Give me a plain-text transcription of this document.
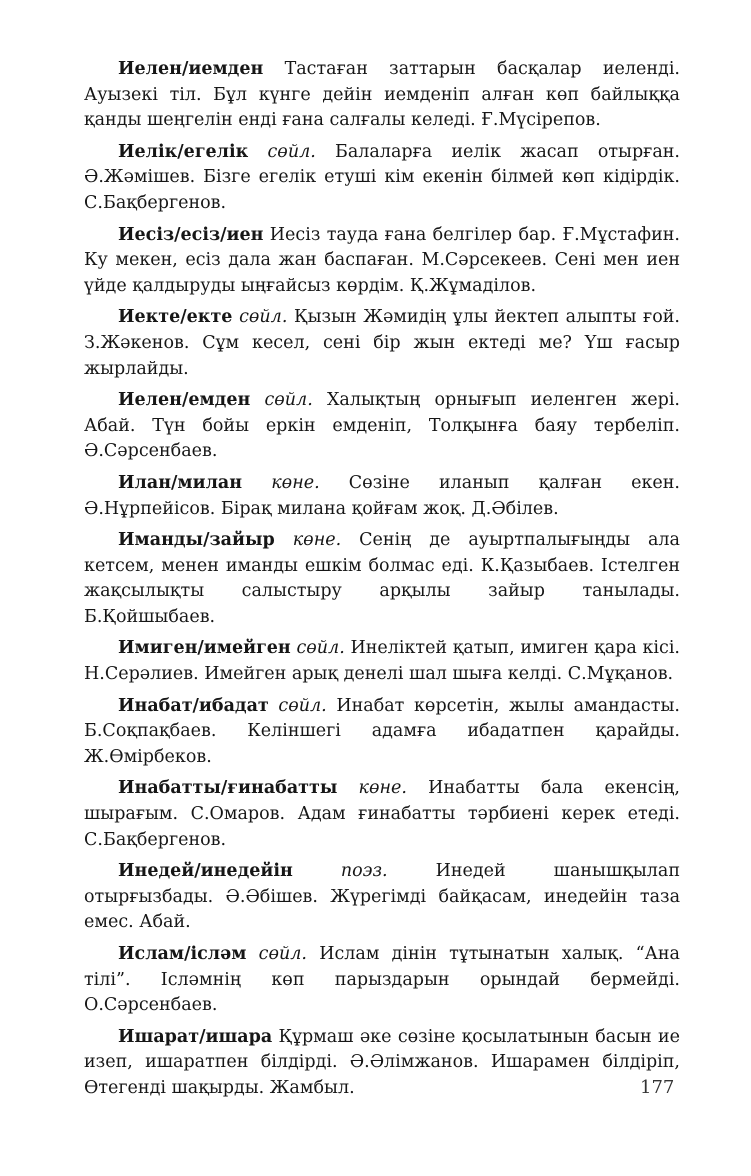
Иелен/иемден Тастаған заттарын басқалар иеленді. Ауызекі тіл. Бұл күнге дейін иемденіп алған көп байлыққа қанды шеңгелін енді ғана салғалы келеді. Ғ.Мүсірепов.

Иелік/егелік сөйл. Балаларға иелік жасап отырған. Ә.Жәмішев. Бізге егелік етуші кім екенін білмей көп кідірдік. С.Бақбергенов.

Иесіз/есіз/иен Иесіз тауда ғана белгілер бар. Ғ.Мұстафин. Ку мекен, есіз дала жан баспаған. М.Сәрсекеев. Сені мен иен үйде қалдыруды ыңғайсыз көрдім. Қ.Жұмаділов.

Иекте/екте сөйл. Қызын Жәмидің ұлы йектеп алыпты ғой. З.Жәкенов. Сұм кесел, сені бір жын ектеді ме? Үш ғасыр жырлайды.

Иелен/емден сөйл. Халықтың орнығып иеленген жері. Абай. Түн бойы еркін емденіп, Толқынға баяу тербеліп. Ә.Сәрсенбаев.

Илан/милан көне. Сөзіне иланып қалған екен. Ә.Нұрпейісов. Бірақ милана қойғам жоқ. Д.Әбілев.

Иманды/зайыр көне. Сенің де ауыртпалығыңды ала кетсем, менен иманды ешкім болмас еді. К.Қазыбаев. Істелген жақсылықты салыстыру арқылы зайыр танылады. Б.Қойшыбаев.

Имиген/имейген сөйл. Инеліктей қатып, имиген қара кісі. Н.Серәлиев. Имейген арық денелі шал шыға келді. С.Мұқанов.

Инабат/ибадат сөйл. Инабат көрсетін, жылы амандасты. Б.Соқпақбаев. Келіншегі адамға ибадатпен қарайды. Ж.Өмірбеков.

Инабатты/ғинабатты көне. Инабатты бала екенсің, шырағым. С.Омаров. Адам ғинабатты тәрбиені керек етеді. С.Бақбергенов.

Инедей/инедейін	поэз.	Инедей шанышқылап отырғызбады. Ә.Әбішев. Жүрегімді байқасам, инедейін таза емес. Абай.

Ислам/ісләм сөйл. Ислам дінін тұтынатын халық. “Ана тілі”. Ісләмнің көп парыздарын орындай бермейді. О.Сәрсенбаев.

Ишарат/ишара Құрмаш әке сөзіне қосылатынын басын ие изеп, ишаратпен білдірді. Ә.Әлімжанов. Ишарамен білдіріп, Өтегенді шақырды. Жамбыл.	177
